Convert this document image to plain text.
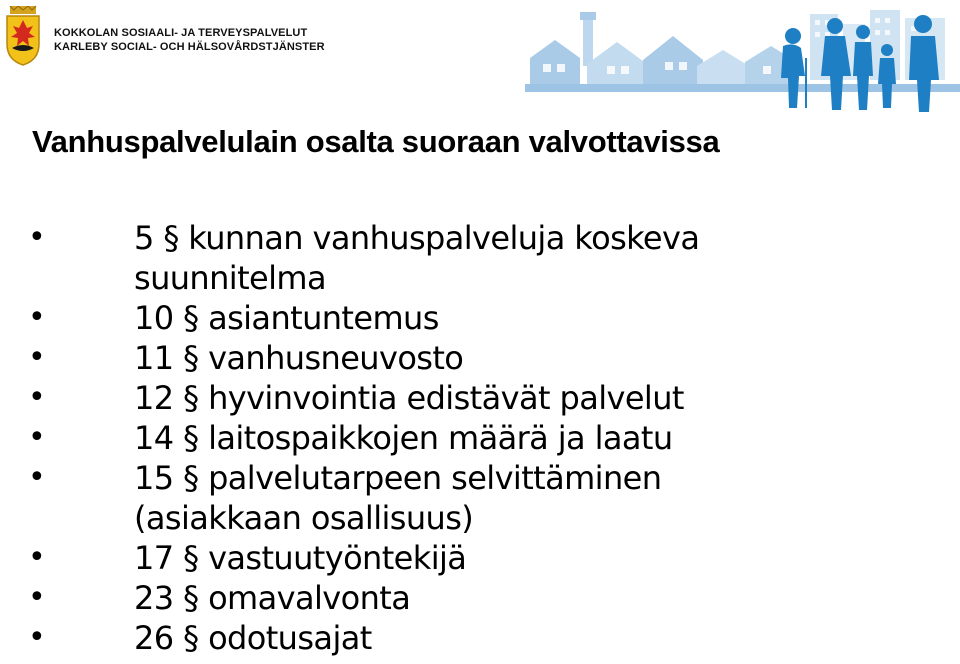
KOKKOLAN SOSIAALI- JA TERVEYSPALVELUT
KARLEBY SOCIAL- OCH HÄLSOVÅRDSTJÄNSTER
Vanhuspalvelulain osalta suoraan valvottavissa
•	5 § kunnan vanhuspalveluja koskeva
suunnitelma
•	10 § asiantuntemus
•	11 § vanhusneuvosto
•	12 § hyvinvointia edistävät palvelut
•	14 § laitospaikkojen määrä ja laatu
•	15 § palvelutarpeen selvittäminen
(asiakkaan osallisuus)
•	17 § vastuutyöntekijä
•	23 § omavalvonta
•	26 § odotusajat
